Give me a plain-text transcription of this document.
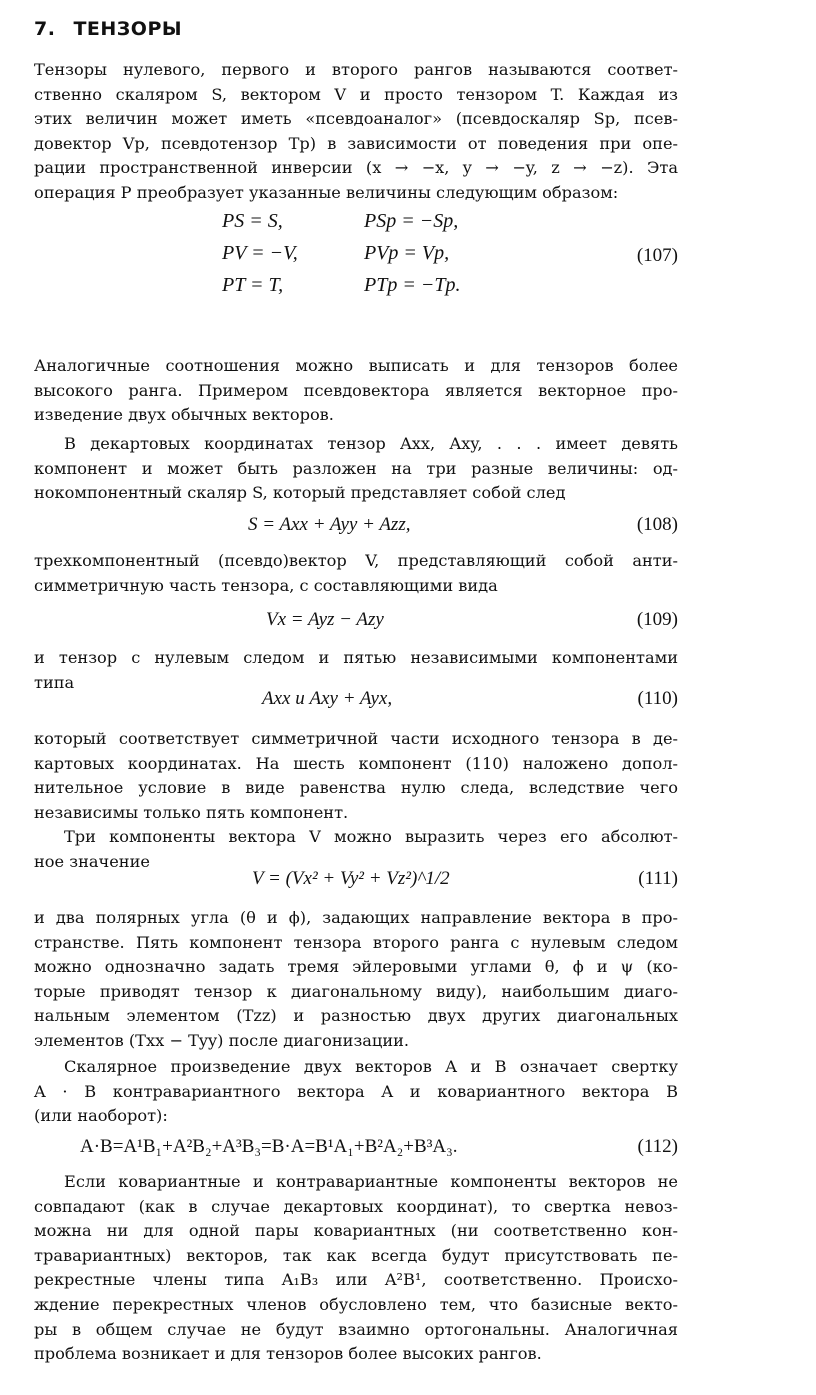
7. ТЕНЗОРЫ
Тензоры нулевого, первого и второго рангов называются соответ-
ственно скаляром S, вектором V и просто тензором T. Каждая из
этих величин может иметь «псевдоаналог» (псевдоскаляр Sp, псев-
довектор Vp, псевдотензор Tp) в зависимости от поведения при опе-
рации пространственной инверсии (x → −x, y → −y, z → −z). Эта
операция P преобразует указанные величины следующим образом:
PS = S,	PSp = −Sp,
PV = −V,	PVp = Vp,
PT = T,	PTp = −Tp.
(107)
Аналогичные соотношения можно выписать и для тензоров более
высокого ранга. Примером псевдовектора является векторное про-
изведение двух обычных векторов.
В декартовых координатах тензор Axx, Axy, . . . имеет девять
компонент и может быть разложен на три разные величины: од-
нокомпонентный скаляр S, который представляет собой след
S = Axx + Ayy + Azz,	(108)
трехкомпонентный (псевдо)вектор V, представляющий собой анти-
симметричную часть тензора, с составляющими вида
Vx = Ayz − Azy	(109)
и тензор с нулевым следом и пятью независимыми компонентами
типа
Axx и Axy + Ayx,	(110)
который соответствует симметричной части исходного тензора в де-
картовых координатах. На шесть компонент (110) наложено допол-
нительное условие в виде равенства нулю следа, вследствие чего
независимы только пять компонент.
Три компоненты вектора V можно выразить через его абсолют-
ное значение
V = (Vx² + Vy² + Vz²)^1/2	(111)
и два полярных угла (θ и ϕ), задающих направление вектора в про-
странстве. Пять компонент тензора второго ранга с нулевым следом
можно однозначно задать тремя эйлеровыми углами θ, ϕ и ψ (ко-
торые приводят тензор к диагональному виду), наибольшим диаго-
нальным элементом (Tzz) и разностью двух других диагональных
элементов (Txx − Tyy) после диагонизации.
Скалярное произведение двух векторов A и B означает свертку
A · B контравариантного вектора A и ковариантного вектора B
(или наоборот):
A·B=A¹B₁+A²B₂+A³B₃=B·A=B¹A₁+B²A₂+B³A₃.	(112)
Если ковариантные и контравариантные компоненты векторов не
совпадают (как в случае декартовых координат), то свертка невоз-
можна ни для одной пары ковариантных (ни соответственно кон-
травариантных) векторов, так как всегда будут присутствовать пе-
рекрестные члены типа A₁B₃ или A²B¹, соответственно. Происхо-
ждение перекрестных членов обусловлено тем, что базисные векто-
ры в общем случае не будут взаимно ортогональны. Аналогичная
проблема возникает и для тензоров более высоких рангов.
